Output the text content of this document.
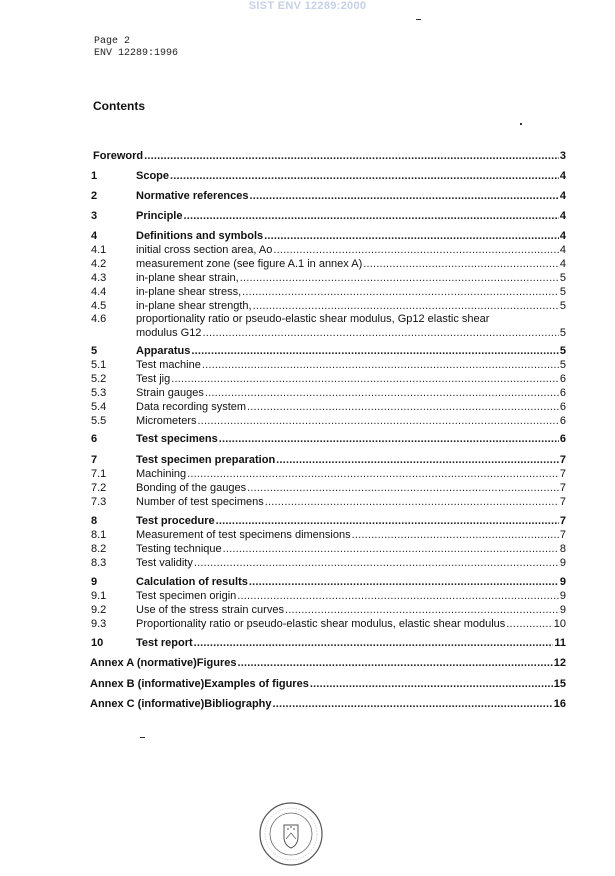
SIST ENV 12289:2000
Page 2
ENV 12289:1996
Contents
Foreword .....	3
1	Scope .....	4
2	Normative references .....	4
3	Principle .....	4
4	Definitions and symbols .....	4
4.1	initial cross section area, Ao .....	4
4.2	measurement zone (see figure A.1 in annex A) .....	4
4.3	in-plane shear strain, .....	5
4.4	in-plane shear stress, .....	5
4.5	in-plane shear strength, .....	5
4.6	proportionality ratio or pseudo-elastic shear modulus, Gp12 elastic shear
modulus G12 .....	5
5	Apparatus .....	5
5.1	Test machine .....	5
5.2	Test jig .....	6
5.3	Strain gauges .....	6
5.4	Data recording system .....	6
5.5	Micrometers .....	6
6	Test specimens .....	6
7	Test specimen preparation .....	7
7.1	Machining .....	7
7.2	Bonding of the gauges .....	7
7.3	Number of test specimens .....	7
8	Test procedure .....	7
8.1	Measurement of test specimens dimensions .....	7
8.2	Testing technique .....	8
8.3	Test validity .....	9
9	Calculation of results .....	9
9.1	Test specimen origin .....	9
9.2	Use of the stress strain curves .....	9
9.3	Proportionality ratio or pseudo-elastic shear modulus, elastic shear modulus .....	10
10	Test report .....	11
Annex A (normative)Figures .....	12
Annex B (informative)Examples of figures .....	15
Annex C (informative)Bibliography .....	16
